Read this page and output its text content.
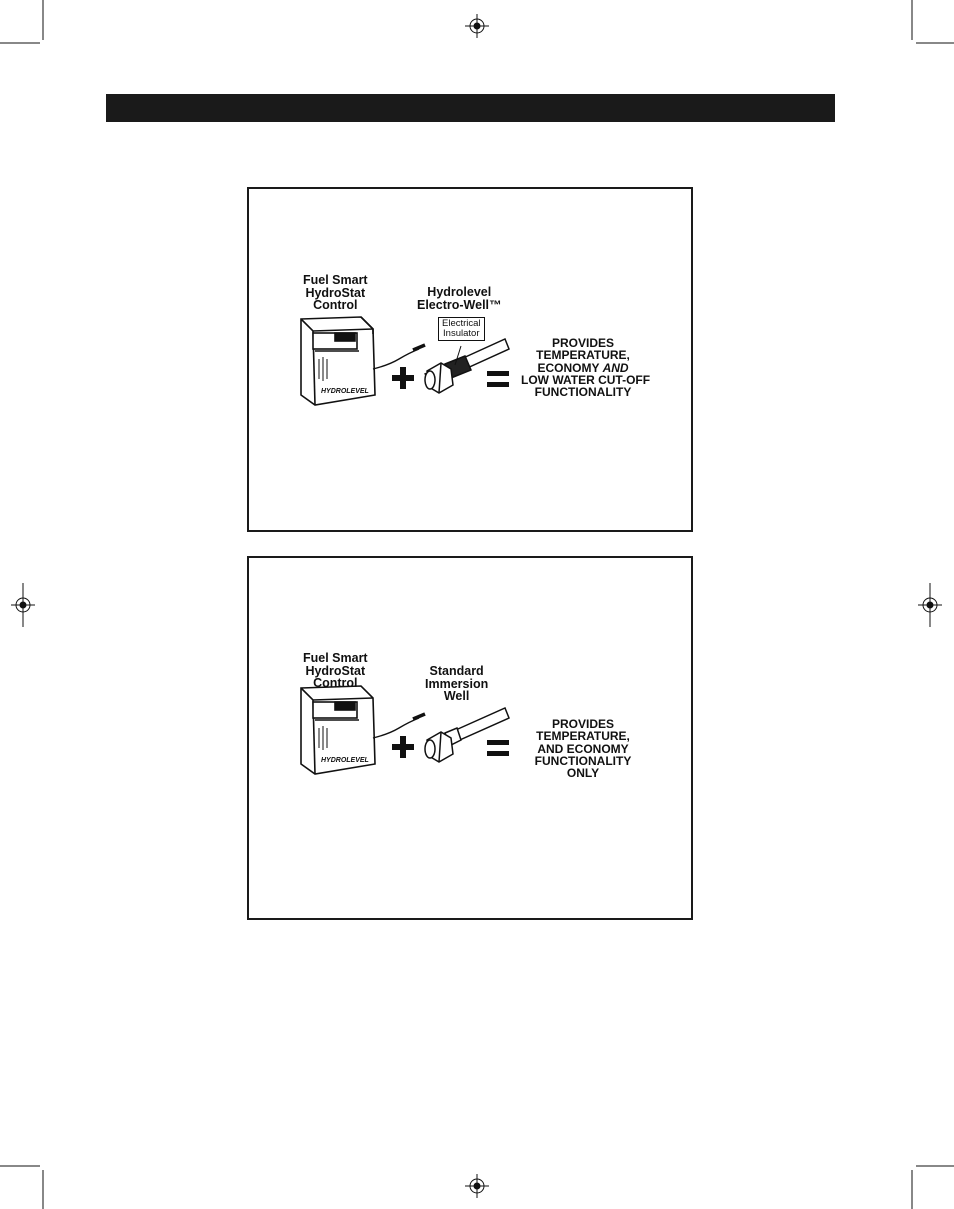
HYDROLEVEL
Fuel Smart
HydroStat
Control
Hydrolevel
Electro-Well™
Electrical
Insulator
PROVIDES
TEMPERATURE,
ECONOMY AND
LOW WATER CUT-OFF
FUNCTIONALITY
HYDROLEVEL
Fuel Smart
HydroStat
Control
Standard
Immersion
Well
PROVIDES
TEMPERATURE,
AND ECONOMY
FUNCTIONALITY
ONLY
